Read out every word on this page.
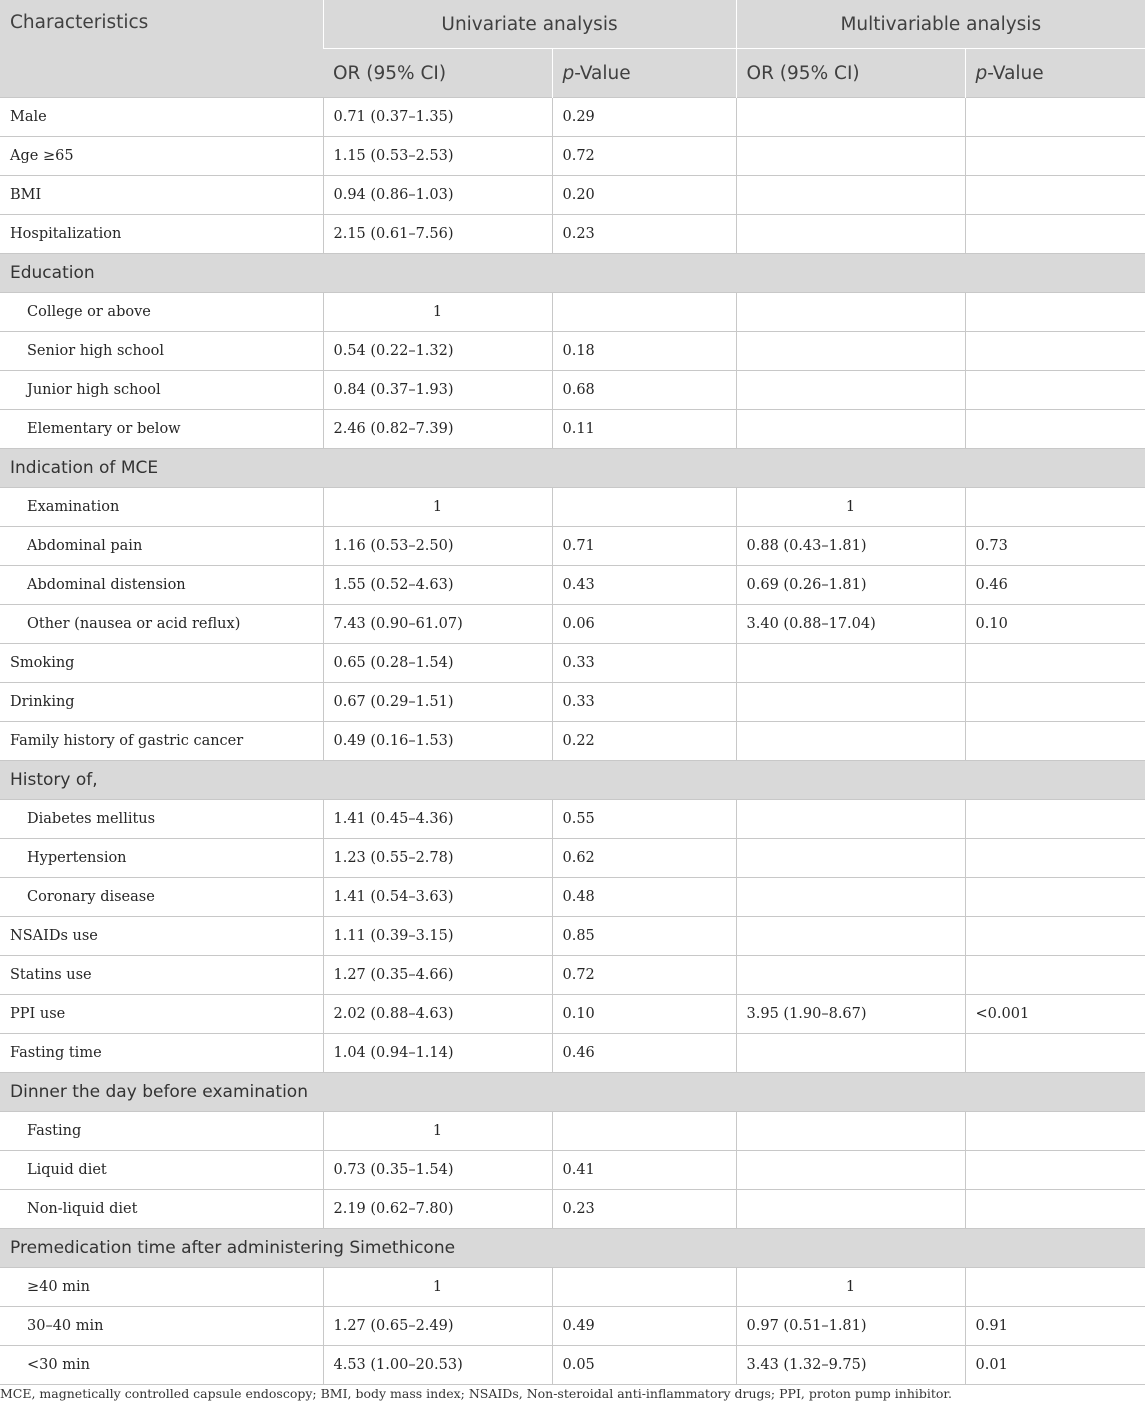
Characteristics	Univariate analysis		Multivariable analysis	
	OR (95% CI)	p-Value	OR (95% CI)	p-Value
Male	0.71 (0.37–1.35)	0.29		
Age ≥65	1.15 (0.53–2.53)	0.72		
BMI	0.94 (0.86–1.03)	0.20		
Hospitalization	2.15 (0.61–7.56)	0.23		
Education				
College or above	1			
Senior high school	0.54 (0.22–1.32)	0.18		
Junior high school	0.84 (0.37–1.93)	0.68		
Elementary or below	2.46 (0.82–7.39)	0.11		
Indication of MCE				
Examination	1		1	
Abdominal pain	1.16 (0.53–2.50)	0.71	0.88 (0.43–1.81)	0.73
Abdominal distension	1.55 (0.52–4.63)	0.43	0.69 (0.26–1.81)	0.46
Other (nausea or acid reflux)	7.43 (0.90–61.07)	0.06	3.40 (0.88–17.04)	0.10
Smoking	0.65 (0.28–1.54)	0.33		
Drinking	0.67 (0.29–1.51)	0.33		
Family history of gastric cancer	0.49 (0.16–1.53)	0.22		
History of,				
Diabetes mellitus	1.41 (0.45–4.36)	0.55		
Hypertension	1.23 (0.55–2.78)	0.62		
Coronary disease	1.41 (0.54–3.63)	0.48		
NSAIDs use	1.11 (0.39–3.15)	0.85		
Statins use	1.27 (0.35–4.66)	0.72		
PPI use	2.02 (0.88–4.63)	0.10	3.95 (1.90–8.67)	<0.001
Fasting time	1.04 (0.94–1.14)	0.46		
Dinner the day before examination				
Fasting	1			
Liquid diet	0.73 (0.35–1.54)	0.41		
Non-liquid diet	2.19 (0.62–7.80)	0.23		
Premedication time after administering Simethicone				
≥40 min	1		1	
30–40 min	1.27 (0.65–2.49)	0.49	0.97 (0.51–1.81)	0.91
<30 min	4.53 (1.00–20.53)	0.05	3.43 (1.32–9.75)	0.01
MCE, magnetically controlled capsule endoscopy; BMI, body mass index; NSAIDs, Non-steroidal anti-inflammatory drugs; PPI, proton pump inhibitor.
